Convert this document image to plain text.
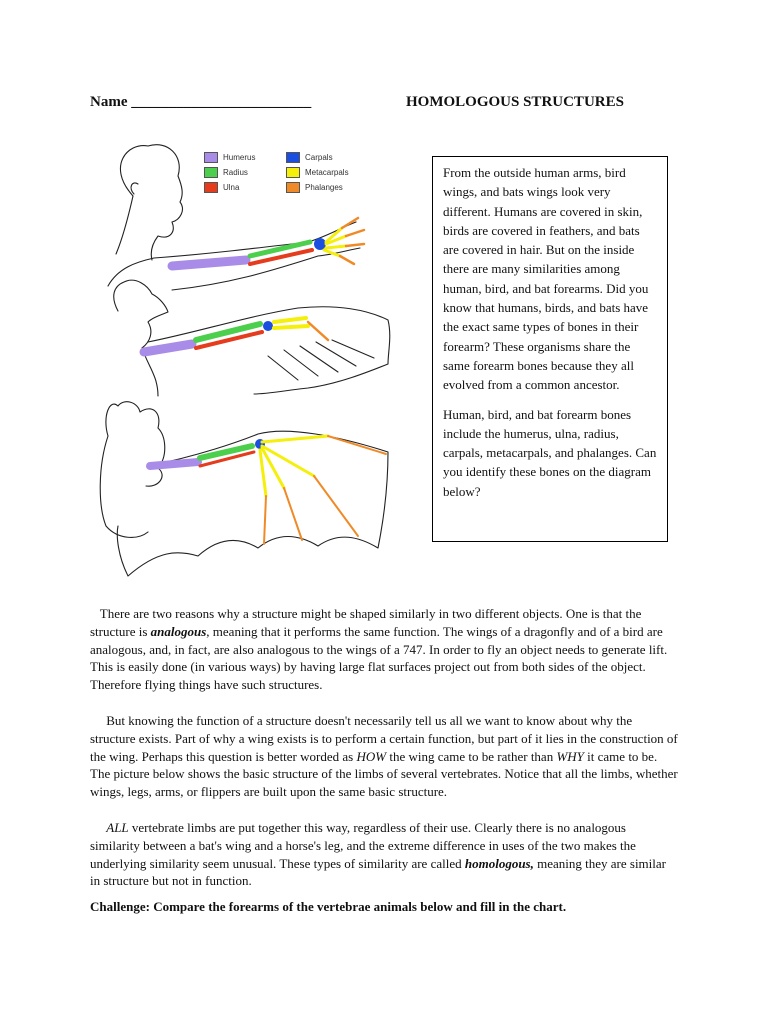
Name ________________________	HOMOLOGOUS STRUCTURES
Humerus
Radius
Ulna
Carpals
Metacarpals
Phalanges

From the outside human arms, bird wings, and bats wings look very different. Humans are covered in skin, birds are covered in feathers, and bats are covered in hair. But on the inside there are many similarities among human, bird, and bat forearms. Did you know that humans, birds, and bats have the exact same types of bones in their forearm? These organisms share the same forearm bones because they all evolved from a common ancestor.

Human, bird, and bat forearm bones include the humerus, ulna, radius, carpals, metacarpals, and phalanges. Can you identify these bones on the diagram below?

There are two reasons why a structure might be shaped similarly in two different objects. One is that the structure is analogous, meaning that it performs the same function. The wings of a dragonfly and of a bird are analogous, and, in fact, are also analogous to the wings of a 747. In order to fly an object needs to generate lift. This is easily done (in various ways) by having large flat surfaces project out from both sides of the object. Therefore flying things have such structures.

But knowing the function of a structure doesn't necessarily tell us all we want to know about why the structure exists. Part of why a wing exists is to perform a certain function, but part of it lies in the construction of the wing. Perhaps this question is better worded as HOW the wing came to be rather than WHY it came to be. The picture below shows the basic structure of the limbs of several vertebrates. Notice that all the limbs, whether wings, legs, arms, or flippers are built upon the same basic structure.

ALL vertebrate limbs are put together this way, regardless of their use. Clearly there is no analogous similarity between a bat's wing and a horse's leg, and the extreme difference in uses of the two makes the underlying similarity seem unusual. These types of similarity are called homologous, meaning they are similar in structure but not in function.

Challenge: Compare the forearms of the vertebrae animals below and fill in the chart.
